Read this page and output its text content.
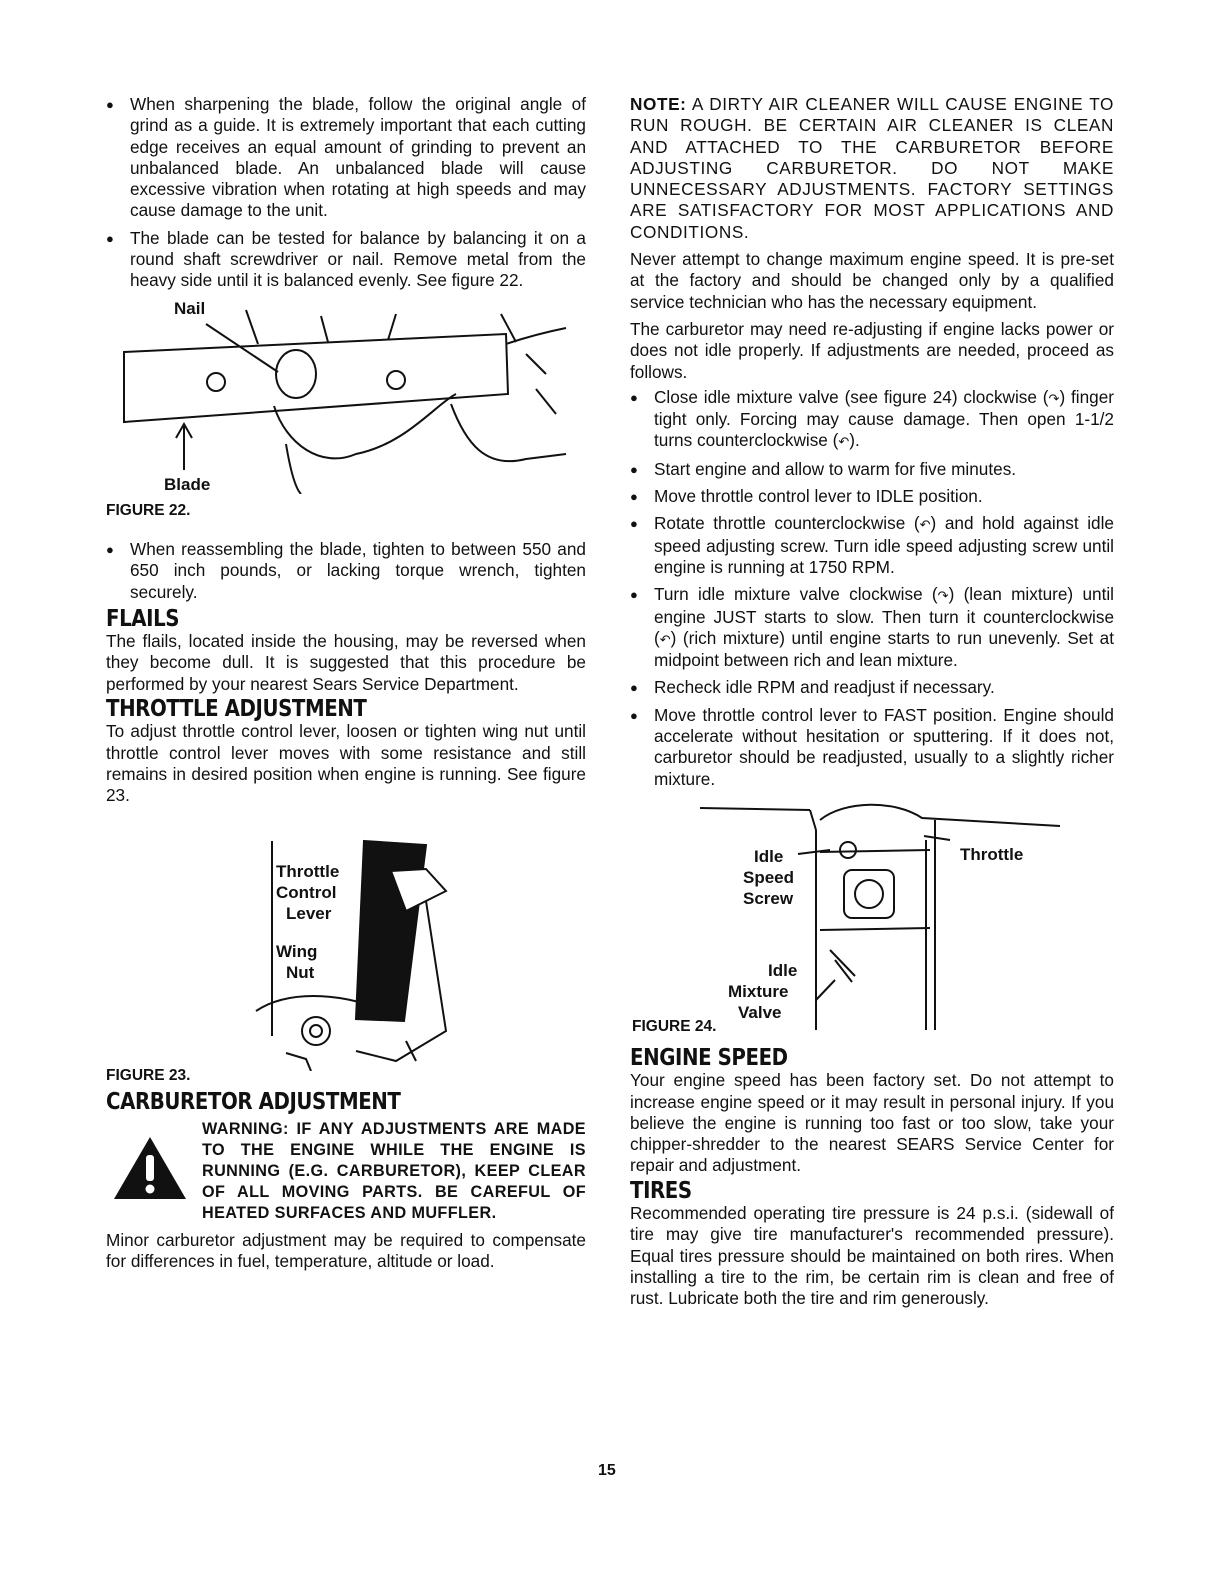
● When sharpening the blade, follow the original angle of grind as a guide. It is extremely important that each cutting edge receives an equal amount of grinding to prevent an unbalanced blade. An unbalanced blade will cause excessive vibration when rotating at high speeds and may cause damage to the unit.

● The blade can be tested for balance by balancing it on a round shaft screwdriver or nail. Remove metal from the heavy side until it is balanced evenly. See figure 22.

Nail
Blade
FIGURE 22.

● When reassembling the blade, tighten to between 550 and 650 inch pounds, or lacking torque wrench, tighten securely.

FLAILS

The flails, located inside the housing, may be reversed when they become dull. It is suggested that this procedure be performed by your nearest Sears Service Department.

THROTTLE ADJUSTMENT

To adjust throttle control lever, loosen or tighten wing nut until throttle control lever moves with some resistance and still remains in desired position when engine is running. See figure 23.

Throttle
Control
Lever
Wing
Nut
FIGURE 23.
CARBURETOR ADJUSTMENT
WARNING: IF ANY ADJUSTMENTS ARE MADE TO THE ENGINE WHILE THE ENGINE IS RUNNING (E.G. CARBURETOR), KEEP CLEAR OF ALL MOVING PARTS. BE CAREFUL OF HEATED SURFACES AND MUFFLER.

Minor carburetor adjustment may be required to compensate for differences in fuel, temperature, altitude or load.

NOTE: A DIRTY AIR CLEANER WILL CAUSE ENGINE TO RUN ROUGH. BE CERTAIN AIR CLEANER IS CLEAN AND ATTACHED TO THE CARBURETOR BEFORE ADJUSTING CARBURETOR. DO NOT MAKE UNNECESSARY ADJUSTMENTS. FACTORY SETTINGS ARE SATISFACTORY FOR MOST APPLICATIONS AND CONDITIONS.

Never attempt to change maximum engine speed. It is pre-set at the factory and should be changed only by a qualified service technician who has the necessary equipment.

The carburetor may need re-adjusting if engine lacks power or does not idle properly. If adjustments are needed, proceed as follows.

● Close idle mixture valve (see figure 24) clockwise (↷) finger tight only. Forcing may cause damage. Then open 1-1/2 turns counterclockwise (↶).

● Start engine and allow to warm for five minutes.

● Move throttle control lever to IDLE position.

● Rotate throttle counterclockwise (↶) and hold against idle speed adjusting screw. Turn idle speed adjusting screw until engine is running at 1750 RPM.

● Turn idle mixture valve clockwise (↷) (lean mixture) until engine JUST starts to slow. Then turn it counterclockwise (↶) (rich mixture) until engine starts to run unevenly. Set at midpoint between rich and lean mixture.

● Recheck idle RPM and readjust if necessary.

● Move throttle control lever to FAST position. Engine should accelerate without hesitation or sputtering. If it does not, carburetor should be readjusted, usually to a slightly richer mixture.

Idle
Speed
Screw
Throttle
Idle
Mixture
Valve
FIGURE 24.
ENGINE SPEED

Your engine speed has been factory set. Do not attempt to increase engine speed or it may result in personal injury. If you believe the engine is running too fast or too slow, take your chipper-shredder to the nearest SEARS Service Center for repair and adjustment.

TIRES

Recommended operating tire pressure is 24 p.s.i. (sidewall of tire may give tire manufacturer's recommended pressure). Equal tires pressure should be maintained on both rires. When installing a tire to the rim, be certain rim is clean and free of rust. Lubricate both the tire and rim generously.

15
